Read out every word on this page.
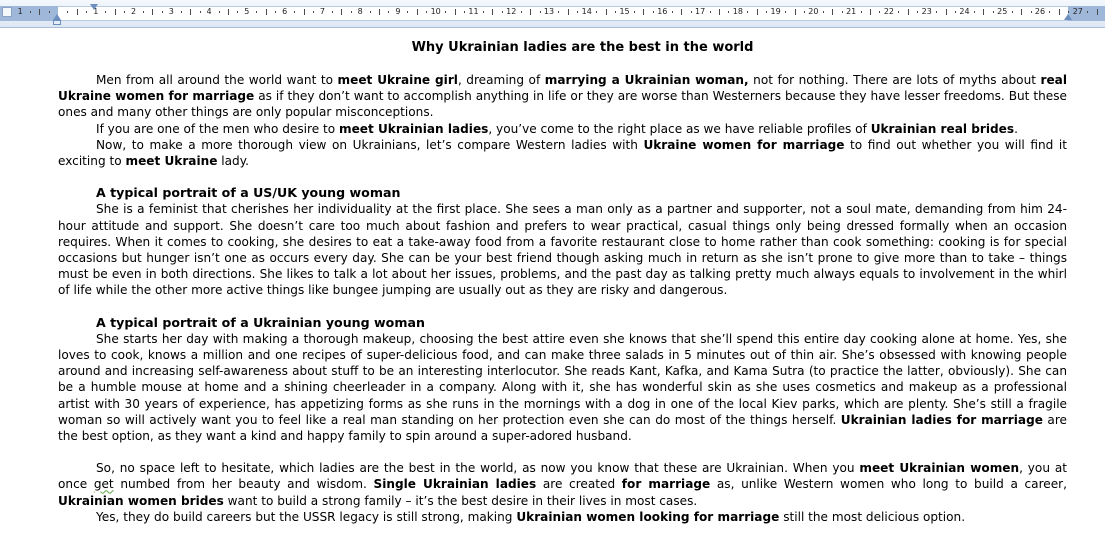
1	1	2	3	4	5	6	7	8	9	10	11	12	13	14	15	16	17	18	19	20	21	22	23	24	25	26	27

Why Ukrainian ladies are the best in the world

Men from all around the world want to meet Ukraine girl, dreaming of marrying a Ukrainian woman, not for nothing. There are lots of myths about real Ukraine women for marriage as if they don’t want to accomplish anything in life or they are worse than Westerners because they have lesser freedoms. But these ones and many other things are only popular misconceptions.

If you are one of the men who desire to meet Ukrainian ladies, you’ve come to the right place as we have reliable profiles of Ukrainian real brides.

Now, to make a more thorough view on Ukrainians, let’s compare Western ladies with Ukraine women for marriage to find out whether you will find it exciting to meet Ukraine lady.

A typical portrait of a US/UK young woman

She is a feminist that cherishes her individuality at the first place. She sees a man only as a partner and supporter, not a soul mate, demanding from him 24-hour attitude and support. She doesn’t care too much about fashion and prefers to wear practical, casual things only being dressed formally when an occasion requires. When it comes to cooking, she desires to eat a take-away food from a favorite restaurant close to home rather than cook something: cooking is for special occasions but hunger isn’t one as occurs every day. She can be your best friend though asking much in return as she isn’t prone to give more than to take – things must be even in both directions. She likes to talk a lot about her issues, problems, and the past day as talking pretty much always equals to involvement in the whirl of life while the other more active things like bungee jumping are usually out as they are risky and dangerous.

A typical portrait of a Ukrainian young woman

She starts her day with making a thorough makeup, choosing the best attire even she knows that she’ll spend this entire day cooking alone at home. Yes, she loves to cook, knows a million and one recipes of super-delicious food, and can make three salads in 5 minutes out of thin air. She’s obsessed with knowing people around and increasing self-awareness about stuff to be an interesting interlocutor. She reads Kant, Kafka, and Kama Sutra (to practice the latter, obviously). She can be a humble mouse at home and a shining cheerleader in a company. Along with it, she has wonderful skin as she uses cosmetics and makeup as a professional artist with 30 years of experience, has appetizing forms as she runs in the mornings with a dog in one of the local Kiev parks, which are plenty. She’s still a fragile woman so will actively want you to feel like a real man standing on her protection even she can do most of the things herself. Ukrainian ladies for marriage are the best option, as they want a kind and happy family to spin around a super-adored husband.

So, no space left to hesitate, which ladies are the best in the world, as now you know that these are Ukrainian. When you meet Ukrainian women, you at once get numbed from her beauty and wisdom. Single Ukrainian ladies are created for marriage as, unlike Western women who long to build a career, Ukrainian women brides want to build a strong family – it’s the best desire in their lives in most cases.

Yes, they do build careers but the USSR legacy is still strong, making Ukrainian women looking for marriage still the most delicious option.
